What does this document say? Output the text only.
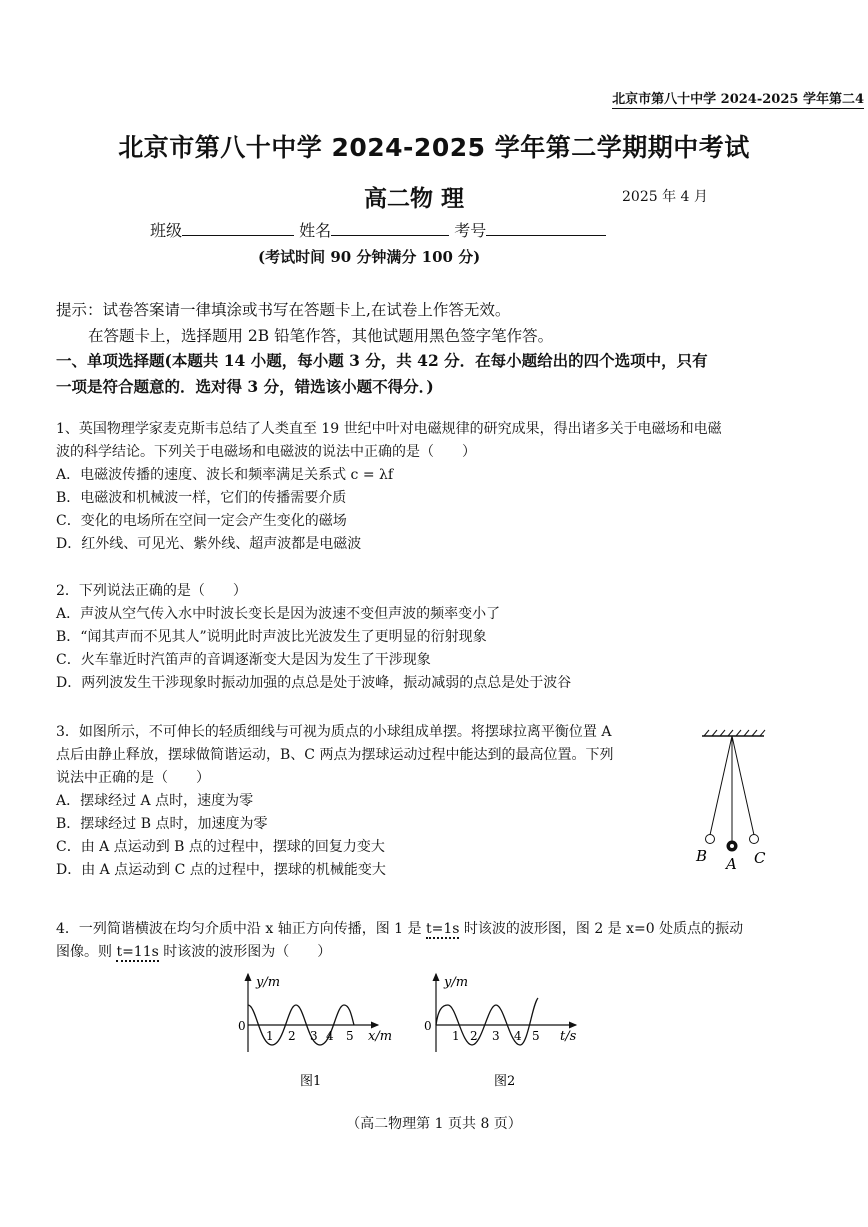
北京市第八十中学 2024-2025 学年第二4
北京市第八十中学 2024-2025 学年第二学期期中考试
高二物 理	2025 年 4 月
班级	姓名	考号
(考试时间 90 分钟满分 100 分)
提示：试卷答案请一律填涂或书写在答题卡上,在试卷上作答无效。
在答题卡上，选择题用 2B 铅笔作答，其他试题用黑色签字笔作答。
一、单项选择题(本题共 14 小题，每小题 3 分，共 42 分．在每小题给出的四个选项中，只有
一项是符合题意的．选对得 3 分，错选该小题不得分．)

1、英国物理学家麦克斯韦总结了人类直至 19 世纪中叶对电磁规律的研究成果，得出诸多关于电磁场和电磁

波的科学结论。下列关于电磁场和电磁波的说法中正确的是（　　）

A．电磁波传播的速度、波长和频率满足关系式 c = λf

B．电磁波和机械波一样，它们的传播需要介质

C．变化的电场所在空间一定会产生变化的磁场

D．红外线、可见光、紫外线、超声波都是电磁波

2．下列说法正确的是（　　）

A．声波从空气传入水中时波长变长是因为波速不变但声波的频率变小了

B．“闻其声而不见其人”说明此时声波比光波发生了更明显的衍射现象

C．火车靠近时汽笛声的音调逐渐变大是因为发生了干涉现象

D．两列波发生干涉现象时振动加强的点总是处于波峰，振动减弱的点总是处于波谷

3．如图所示，不可伸长的轻质细线与可视为质点的小球组成单摆。将摆球拉离平衡位置 A

点后由静止释放，摆球做简谐运动，B、C 两点为摆球运动过程中能达到的最高位置。下列

说法中正确的是（　　）

A．摆球经过 A 点时，速度为零

B．摆球经过 B 点时，加速度为零

C．由 A 点运动到 B 点的过程中，摆球的回复力变大

D．由 A 点运动到 C 点的过程中，摆球的机械能变大

B A C

4．一列简谐横波在均匀介质中沿 x 轴正方向传播，图 1 是 t=1s 时该波的波形图，图 2 是 x=0 处质点的振动

图像。则 t=11s 时该波的波形图为（　　）

y/m
0
1 2 3 4 5 x/m
图1
y/m
0
1 2 3 4 5 t/s
图2
（高二物理第 1 页共 8 页）
